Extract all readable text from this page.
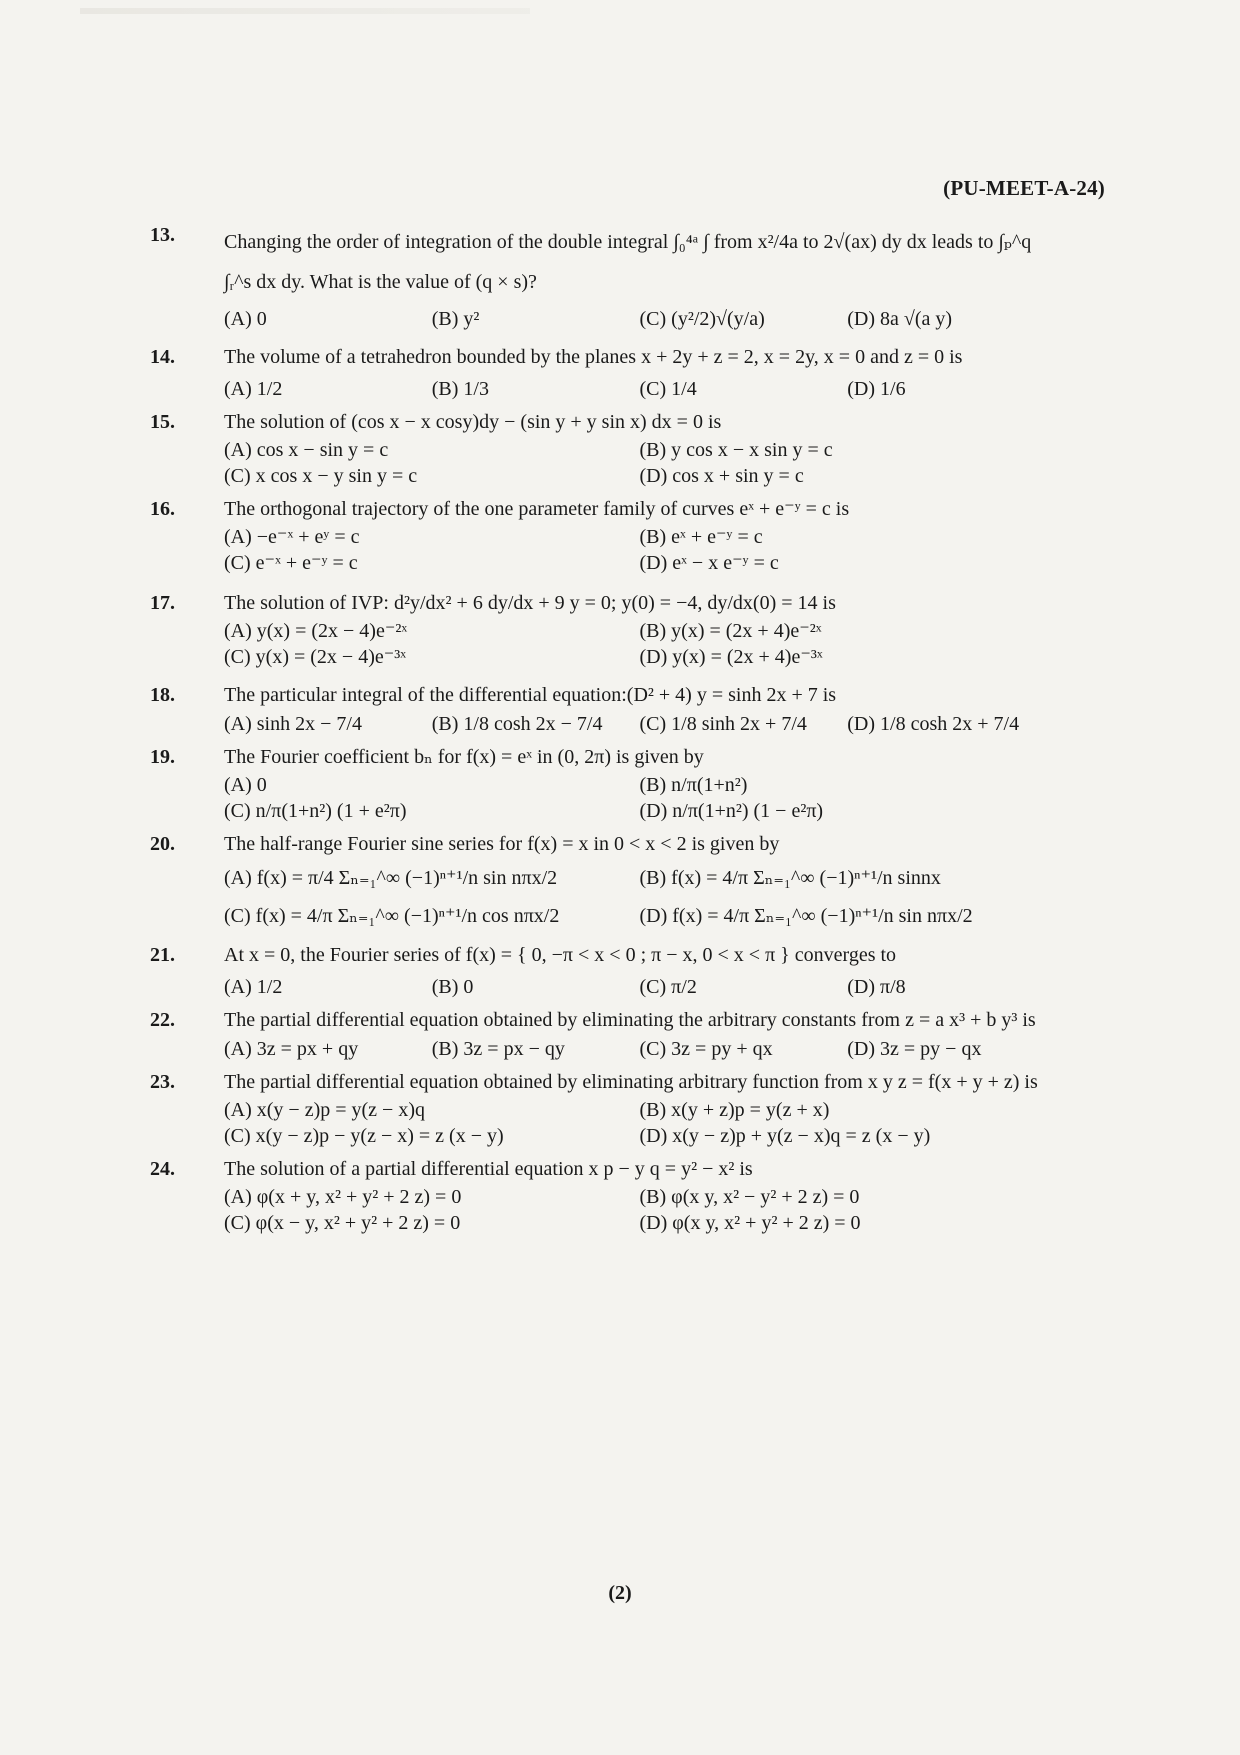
(PU-MEET-A-24)
13. Changing the order of integration of the double integral ∫₀⁴ᵃ ∫ from x²/4a to 2√(ax) dy dx leads to ∫ₚ^q ∫ᵣ^s dx dy. What is the value of (q × s)?
(A) 0	(B) y²	(C) (y²/2)√(y/a)	(D) 8a √(a y)
14. The volume of a tetrahedron bounded by the planes x + 2y + z = 2, x = 2y, x = 0 and z = 0 is
(A) 1/2	(B) 1/3	(C) 1/4	(D) 1/6
15. The solution of (cos x − x cosy)dy − (sin y + y sin x) dx = 0 is
(A) cos x − sin y = c	(B) y cos x − x sin y = c
(C) x cos x − y sin y = c	(D) cos x + sin y = c
16. The orthogonal trajectory of the one parameter family of curves eˣ + e⁻ʸ = c is
(A) −e⁻ˣ + eʸ = c	(B) eˣ + e⁻ʸ = c
(C) e⁻ˣ + e⁻ʸ = c	(D) eˣ − x e⁻ʸ = c
17. The solution of IVP: d²y/dx² + 6 dy/dx + 9 y = 0; y(0) = −4, dy/dx(0) = 14 is
(A) y(x) = (2x − 4)e⁻²ˣ	(B) y(x) = (2x + 4)e⁻²ˣ
(C) y(x) = (2x − 4)e⁻³ˣ	(D) y(x) = (2x + 4)e⁻³ˣ
18. The particular integral of the differential equation:(D² + 4) y = sinh 2x + 7 is
(A) sinh 2x − 7/4	(B) 1/8 cosh 2x − 7/4	(C) 1/8 sinh 2x + 7/4	(D) 1/8 cosh 2x + 7/4
19. The Fourier coefficient bₙ for f(x) = eˣ in (0, 2π) is given by
(A) 0	(B) n/π(1+n²)
(C) n/π(1+n²) (1 + e²π)	(D) n/π(1+n²) (1 − e²π)
20. The half-range Fourier sine series for f(x) = x in 0 < x < 2 is given by
(A) f(x) = π/4 Σₙ₌₁^∞ (−1)ⁿ⁺¹/n sin nπx/2	(B) f(x) = 4/π Σₙ₌₁^∞ (−1)ⁿ⁺¹/n sinnx
(C) f(x) = 4/π Σₙ₌₁^∞ (−1)ⁿ⁺¹/n cos nπx/2	(D) f(x) = 4/π Σₙ₌₁^∞ (−1)ⁿ⁺¹/n sin nπx/2
21. At x = 0, the Fourier series of f(x) = { 0, −π < x < 0 ; π − x, 0 < x < π } converges to
(A) 1/2	(B) 0	(C) π/2	(D) π/8
22. The partial differential equation obtained by eliminating the arbitrary constants from z = a x³ + b y³ is
(A) 3z = px + qy	(B) 3z = px − qy	(C) 3z = py + qx	(D) 3z = py − qx
23. The partial differential equation obtained by eliminating arbitrary function from x y z = f(x + y + z) is
(A) x(y − z)p = y(z − x)q	(B) x(y + z)p = y(z + x)
(C) x(y − z)p − y(z − x) = z (x − y)	(D) x(y − z)p + y(z − x)q = z (x − y)
24. The solution of a partial differential equation x p − y q = y² − x² is
(A) φ(x + y, x² + y² + 2 z) = 0	(B) φ(x y, x² − y² + 2 z) = 0
(C) φ(x − y, x² + y² + 2 z) = 0	(D) φ(x y, x² + y² + 2 z) = 0
(2)
